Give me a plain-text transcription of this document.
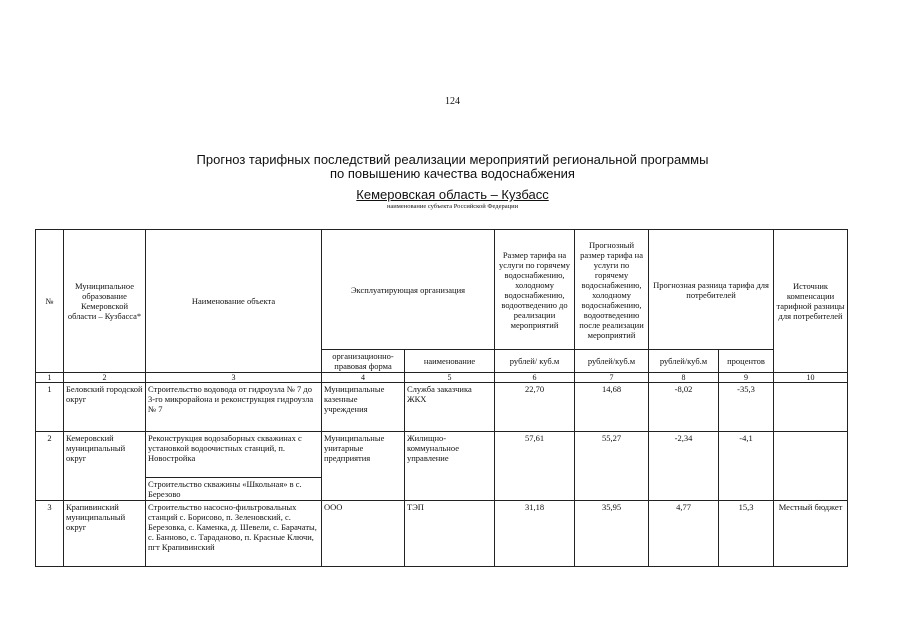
124
Прогноз тарифных последствий реализации мероприятий региональной программы
по повышению качества водоснабжения
Кемеровская область – Кузбасс
наименование субъекта Российской Федерации
№	Муниципальное образование Кемеровской области – Кузбасса*	Наименование объекта	Эксплуатирующая организация		Размер тарифа на услуги по горячему водоснабжению, холодному водоснабжению, водоотведению до реализации мероприятий	Прогнозный размер тарифа на услуги по горячему водоснабжению, холодному водоснабжению, водоотведению после реализации мероприятий	Прогнозная разница тарифа для потребителей		Источник компенсации тарифной разницы для потребителей
			организационно-правовая форма	наименование	рублей/ куб.м	рублей/куб.м	рублей/куб.м	процентов	
1	2	3	4	5	6	7	8	9	10
1	Беловский городской округ	Строительство водовода от гидроузла № 7 до 3-го микрорайона и реконструкция гидроузла № 7	Муниципальные казенные учреждения	Служба заказчика ЖКХ	22,70	14,68	-8,02	-35,3	
2	Кемеровский муниципальный округ	Реконструкция водозаборных скважинах с установкой водоочистных станций, п. Новостройка	Муниципальные унитарные предприятия	Жилищно-коммунальное управление	57,61	55,27	-2,34	-4,1	
		Строительство скважины «Школьная» в с. Березово							
3	Крапивинский муниципальный округ	Строительство насосно-фильтровальных станций с. Борисово, п. Зеленовский, с. Березовка, с. Каменка, д. Шевели, с. Барачаты, с. Банново, с. Тараданово, п. Красные Ключи, пгт Крапивинский	ООО	ТЭП	31,18	35,95	4,77	15,3	Местный бюджет
